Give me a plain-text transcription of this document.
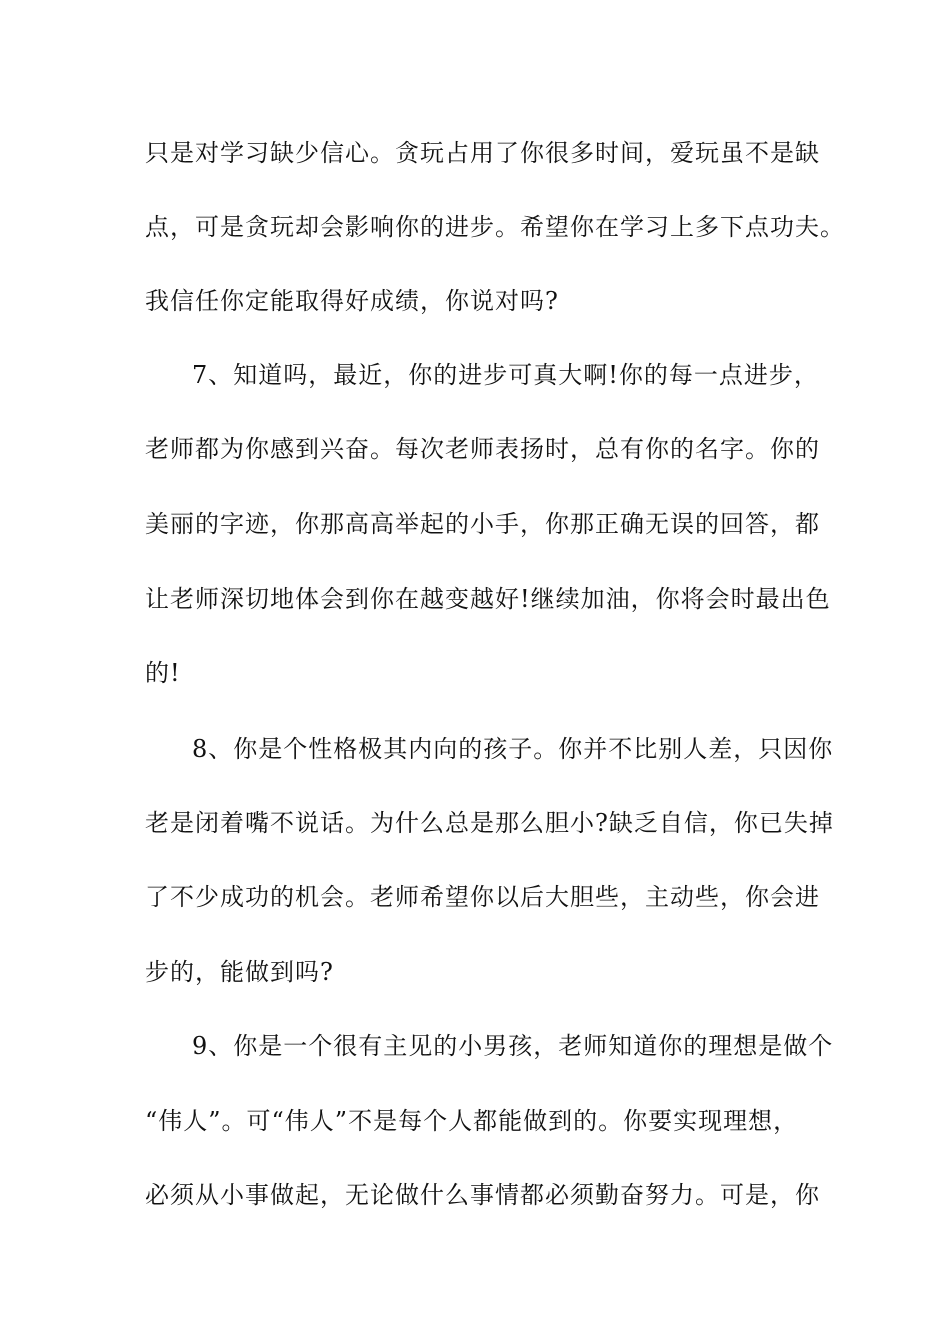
只是对学习缺少信心。贪玩占用了你很多时间，爱玩虽不是缺
点，可是贪玩却会影响你的进步。希望你在学习上多下点功夫。
我信任你定能取得好成绩，你说对吗?
7、知道吗，最近，你的进步可真大啊!你的每一点进步，
老师都为你感到兴奋。每次老师表扬时，总有你的名字。你的
美丽的字迹，你那高高举起的小手，你那正确无误的回答，都
让老师深切地体会到你在越变越好!继续加油，你将会时最出色
的!
8、你是个性格极其内向的孩子。你并不比别人差，只因你
老是闭着嘴不说话。为什么总是那么胆小?缺乏自信，你已失掉
了不少成功的机会。老师希望你以后大胆些，主动些，你会进
步的，能做到吗?
9、你是一个很有主见的小男孩，老师知道你的理想是做个
“伟人”。可“伟人”不是每个人都能做到的。你要实现理想，
必须从小事做起，无论做什么事情都必须勤奋努力。可是，你
